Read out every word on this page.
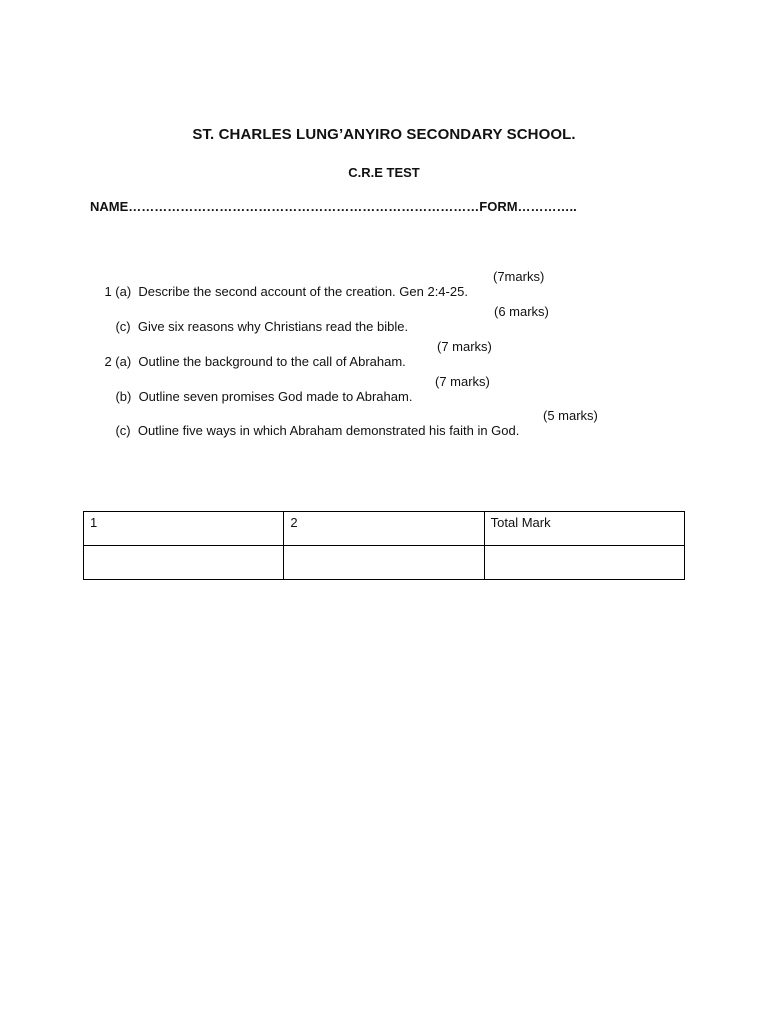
ST. CHARLES LUNG’ANYIRO SECONDARY SCHOOL.
C.R.E TEST
NAME………………………………………………………………………FORM…………..

1 (a)  Describe the second account of the creation. Gen 2:4-25.

(7marks)

(c)  Give six reasons why Christians read the bible.

(6 marks)

2 (a)  Outline the background to the call of Abraham.

(7 marks)

(b)  Outline seven promises God made to Abraham.

(7 marks)

(c)  Outline five ways in which Abraham demonstrated his faith in God.

(5 marks)

1	2	Total Mark
